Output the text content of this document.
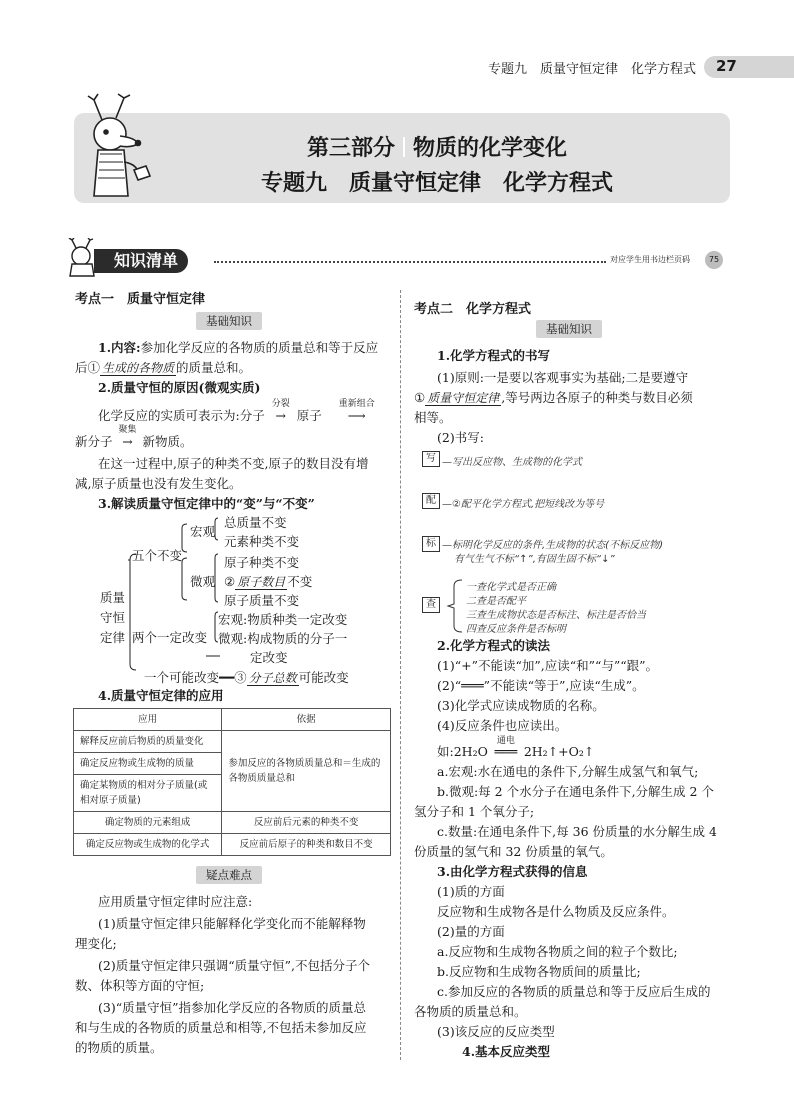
专题九　质量守恒定律　化学方程式 27
第三部分 物质的化学变化
专题九　质量守恒定律　化学方程式
知识清单	对应学生用书边栏页码	75
考点一　质量守恒定律
基础知识
1.内容:参加化学反应的各物质的质量总和等于反应
后① 生成的各物质 的质量总和。
2.质量守恒的原因(微观实质)
化学反应的实质可表示为:分子
分裂
→ 原子
重新组合
⟶
新分子
聚集
→ 新物质。
在这一过程中,原子的种类不变,原子的数目没有增
减,原子质量也没有发生变化。
3.解读质量守恒定律中的“变”与“不变”
质量
守恒
定律
五个不变
宏观
总质量不变
元素种类不变
微观
原子种类不变
② 原子数目 不变
原子质量不变
两个一定改变
宏观:物质种类一定改变
微观:构成物质的分子一
定改变
一个可能改变━━③ 分子总数 可能改变
4.质量守恒定律的应用
应用	依据
解释反应前后物质的质量变化	参加反应的各物质质量总和＝生成的各物质质量总和
确定反应物或生成物的质量	
确定某物质的相对分子质量(或相对原子质量)	
确定物质的元素组成	反应前后元素的种类不变
确定反应物或生成物的化学式	反应前后原子的种类和数目不变
疑点难点
应用质量守恒定律时应注意:
(1)质量守恒定律只能解释化学变化而不能解释物
理变化;
(2)质量守恒定律只强调“质量守恒”,不包括分子个
数、体积等方面的守恒;
(3)“质量守恒”指参加化学反应的各物质的质量总
和与生成的各物质的质量总和相等,不包括未参加反应
的物质的质量。
考点二　化学方程式
基础知识
1.化学方程式的书写
(1)原则:一是要以客观事实为基础;二是要遵守
① 质量守恒定律 ,等号两边各原子的种类与数目必须
相等。
(2)书写:
写 —写出反应物、生成物的化学式
配 —②配平化学方程式,把短线改为等号
标 —标明化学反应的条件,生成物的状态(不标反应物)
有气生气不标“↑”,有固生固不标“↓”
查
一查化学式是否正确
二查是否配平
三查生成物状态是否标注、标注是否恰当
四查反应条件是否标明
2.化学方程式的读法
(1)“+”不能读“加”,应读“和”“与”“跟”。
(2)“═══”不能读“等于”,应读“生成”。
(3)化学式应读成物质的名称。
(4)反应条件也应读出。
如:2H₂O
通电
═══ 2H₂↑+O₂↑
a.宏观:水在通电的条件下,分解生成氢气和氧气;
b.微观:每 2 个水分子在通电条件下,分解生成 2 个
氢分子和 1 个氧分子;
c.数量:在通电条件下,每 36 份质量的水分解生成 4
份质量的氢气和 32 份质量的氧气。
3.由化学方程式获得的信息
(1)质的方面
反应物和生成物各是什么物质及反应条件。
(2)量的方面
a.反应物和生成物各物质之间的粒子个数比;
b.反应物和生成物各物质间的质量比;
c.参加反应的各物质的质量总和等于反应后生成的
各物质的质量总和。
(3)该反应的反应类型
4.基本反应类型
